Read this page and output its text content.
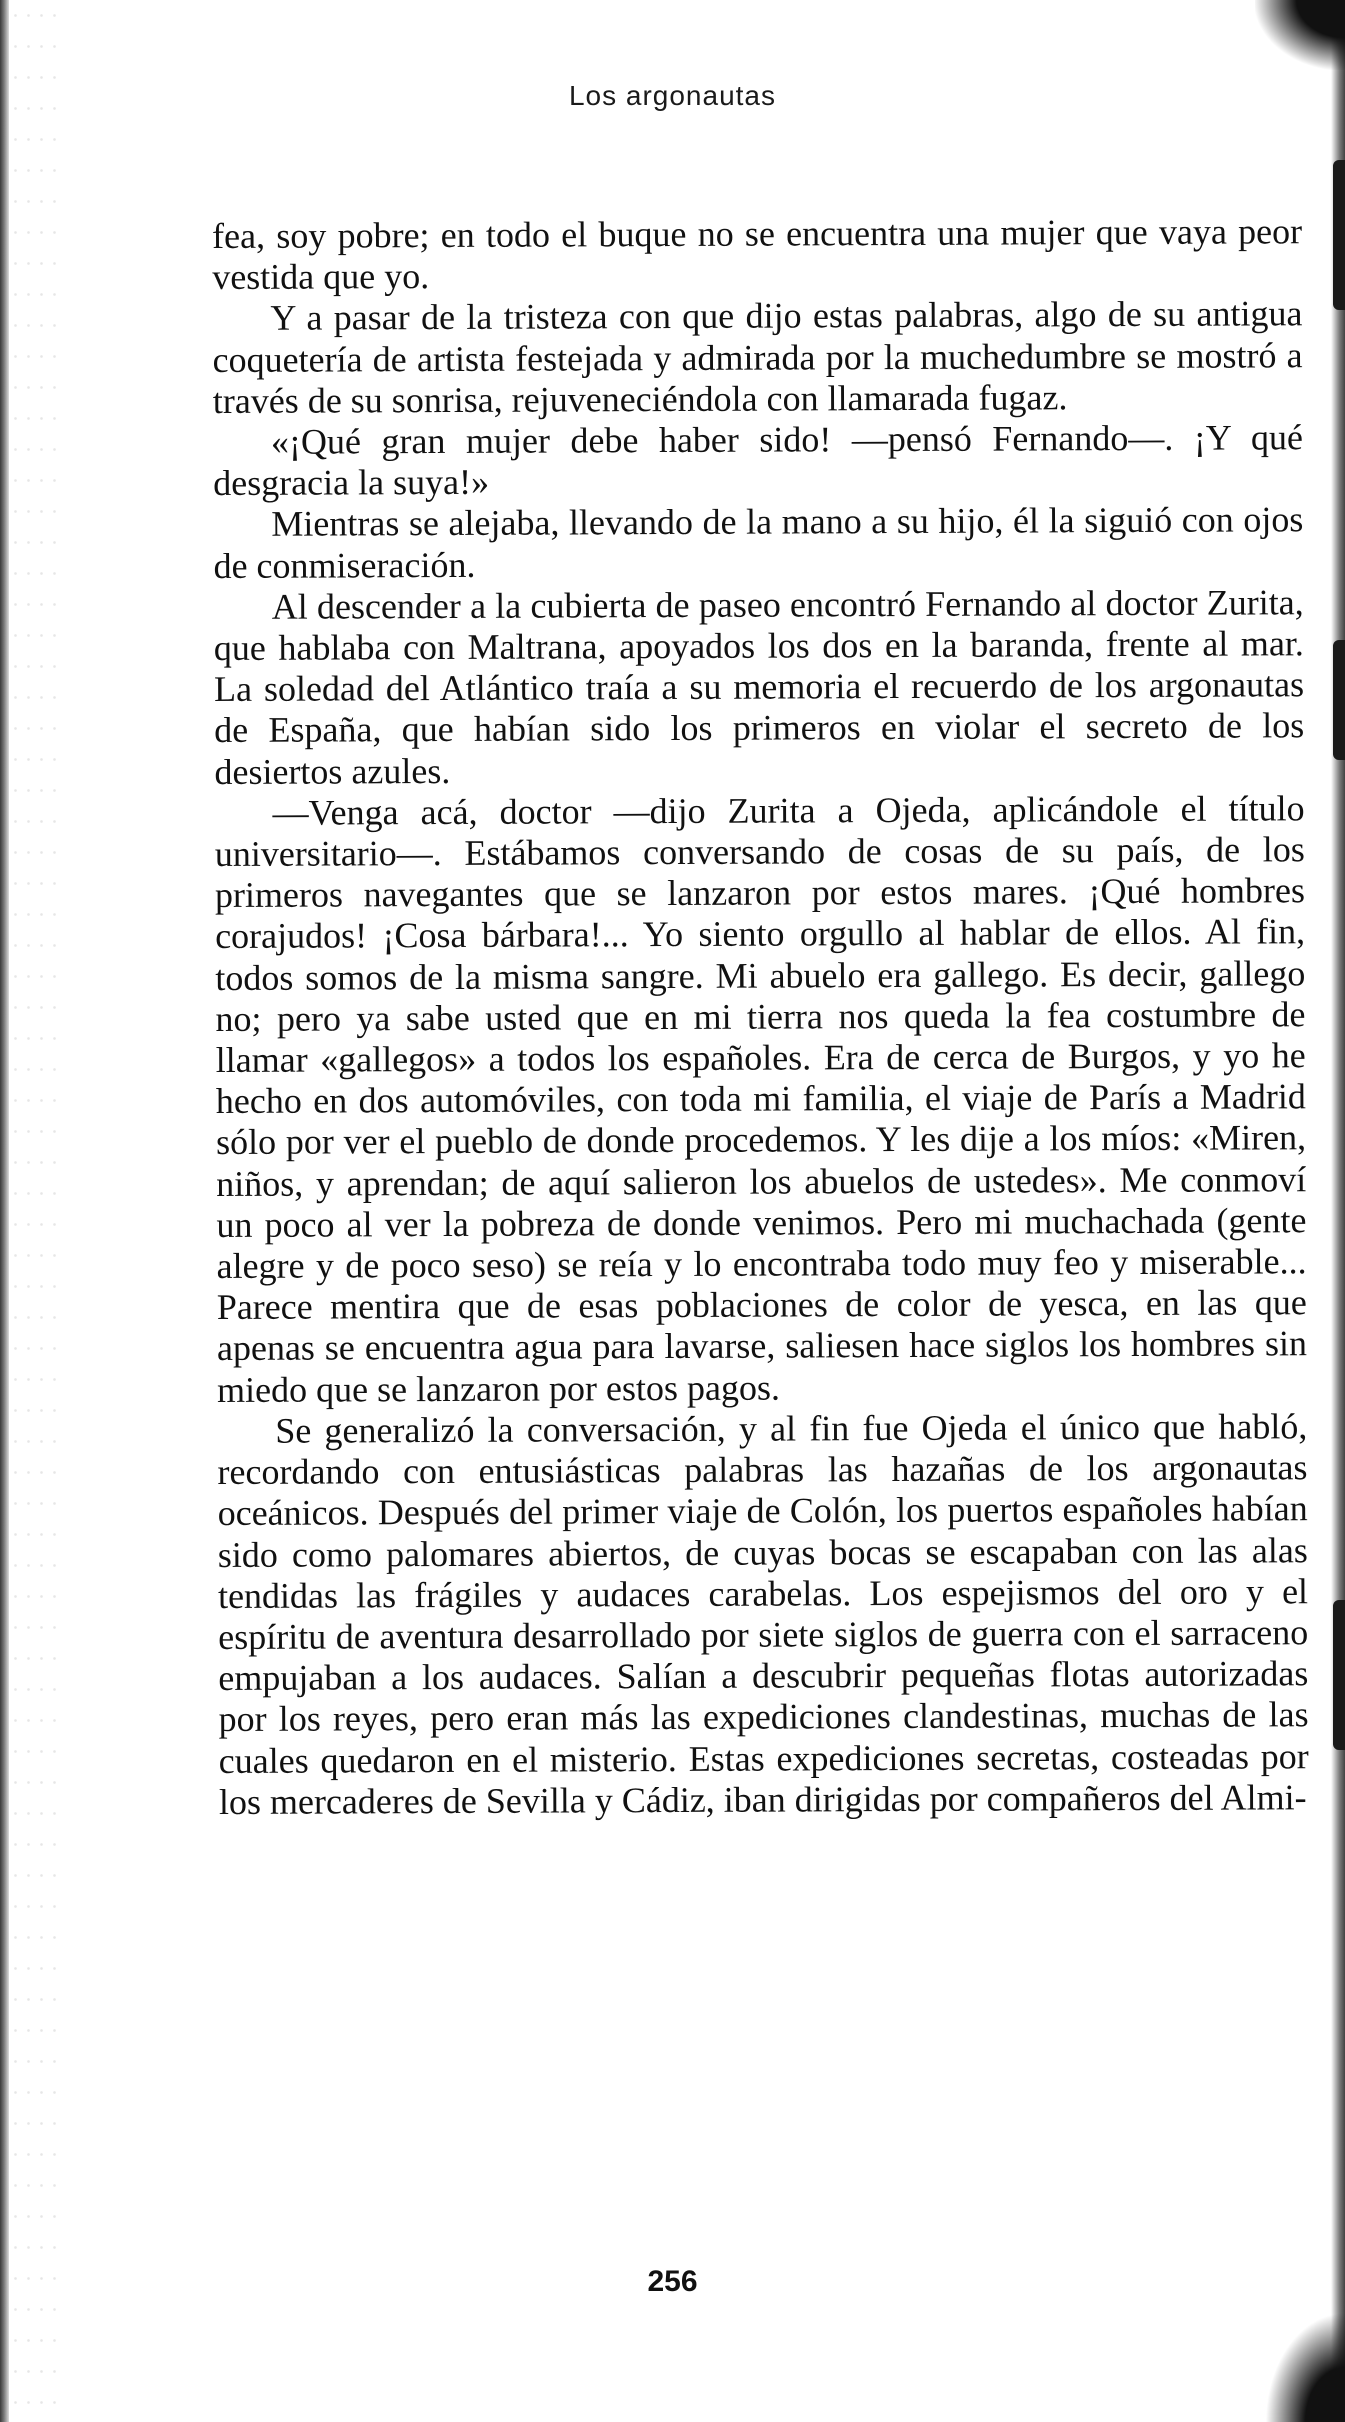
Los argonautas

fea, soy pobre; en todo el buque no se encuentra una mujer que vaya peor vestida que yo.

Y a pasar de la tristeza con que dijo estas palabras, algo de su antigua coquetería de artista festejada y admirada por la muchedumbre se mostró a través de su sonrisa, rejuveneciéndola con llamarada fugaz.

«¡Qué gran mujer debe haber sido! —pensó Fernando—. ¡Y qué desgracia la suya!»

Mientras se alejaba, llevando de la mano a su hijo, él la siguió con ojos de conmiseración.

Al descender a la cubierta de paseo encontró Fernando al doctor Zurita, que hablaba con Maltrana, apoyados los dos en la baranda, frente al mar. La soledad del Atlántico traía a su memoria el recuerdo de los argonautas de España, que habían sido los primeros en violar el secreto de los desiertos azules.

—Venga acá, doctor —dijo Zurita a Ojeda, aplicándole el título universitario—. Estábamos conversando de cosas de su país, de los primeros navegantes que se lanzaron por estos mares. ¡Qué hombres corajudos! ¡Cosa bárbara!... Yo siento orgullo al hablar de ellos. Al fin, todos somos de la misma sangre. Mi abuelo era gallego. Es decir, gallego no; pero ya sabe usted que en mi tierra nos queda la fea costumbre de llamar «gallegos» a todos los españoles. Era de cerca de Burgos, y yo he hecho en dos automóviles, con toda mi familia, el viaje de París a Madrid sólo por ver el pueblo de donde procedemos. Y les dije a los míos: «Miren, niños, y aprendan; de aquí salieron los abuelos de ustedes». Me conmoví un poco al ver la pobreza de donde venimos. Pero mi muchachada (gente alegre y de poco seso) se reía y lo encontraba todo muy feo y miserable... Parece mentira que de esas poblaciones de color de yesca, en las que apenas se encuentra agua para lavarse, saliesen hace siglos los hombres sin miedo que se lanzaron por estos pagos.

Se generalizó la conversación, y al fin fue Ojeda el único que habló, recordando con entusiásticas palabras las hazañas de los argonautas oceánicos. Después del primer viaje de Colón, los puertos españoles habían sido como palomares abiertos, de cuyas bocas se escapaban con las alas tendidas las frágiles y audaces carabelas. Los espejismos del oro y el espíritu de aventura desarrollado por siete siglos de guerra con el sarraceno empujaban a los audaces. Salían a descubrir pequeñas flotas autorizadas por los reyes, pero eran más las expediciones clandestinas, muchas de las cuales quedaron en el misterio. Estas expediciones secretas, costeadas por los mercaderes de Sevilla y Cádiz, iban dirigidas por compañeros del Almi-

256
